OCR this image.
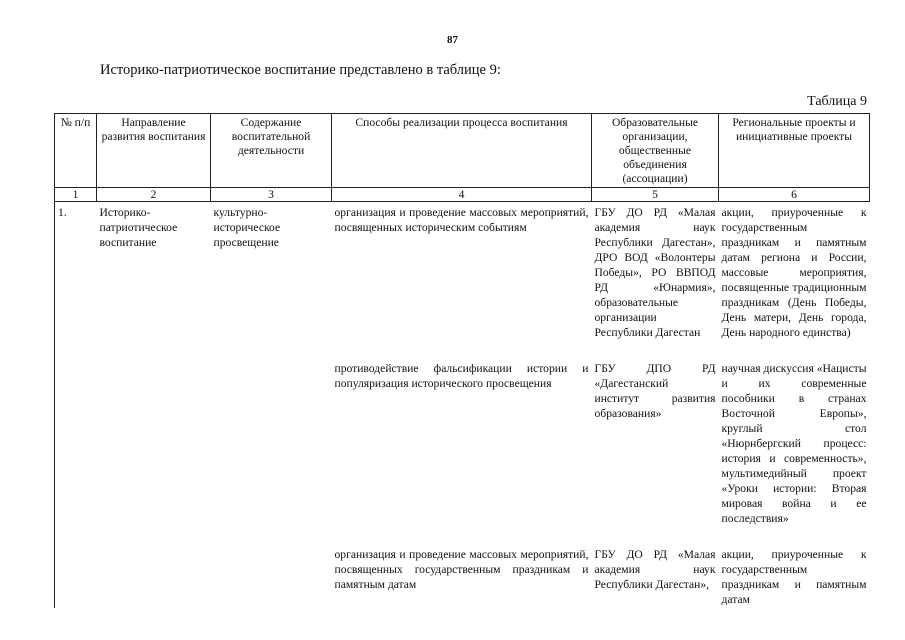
87
Историко-патриотическое воспитание представлено в таблице 9:
Таблица 9
№ п/п	Направление развития воспитания	Содержание воспитательной деятельности	Способы реализации процесса воспитания	Образовательные организации, общественные объединения (ассоциации)	Региональные проекты и инициативные проекты
1	2	3	4	5	6
1.	Историко-патриотическое воспитание	культурно-историческое просвещение	организация и проведение массовых мероприятий, посвященных историческим событиям	ГБУ ДО РД «Малая академия наук Республики Дагестан», ДРО ВОД «Волонтеры Победы», РО ВВПОД РД «Юнармия», образовательные организации Республики Дагестан	акции, приуроченные к государственным праздникам и памятным датам региона и России, массовые мероприятия, посвященные традиционным праздникам (День Победы, День матери, День города, День народного единства)
			противодействие фальсификации истории и популяризация исторического просвещения	ГБУ ДПО РД «Дагестанский институт развития образования»	научная дискуссия «Нацисты и их современные пособники в странах Восточной Европы», круглый стол «Нюрнбергский процесс: история и современность», мультимедийный проект «Уроки истории: Вторая мировая война и ее последствия»
			организация и проведение массовых мероприятий, посвященных государственным праздникам и памятным датам	ГБУ ДО РД «Малая академия наук Республики Дагестан»,	акции, приуроченные к государственным праздникам и памятным датам
